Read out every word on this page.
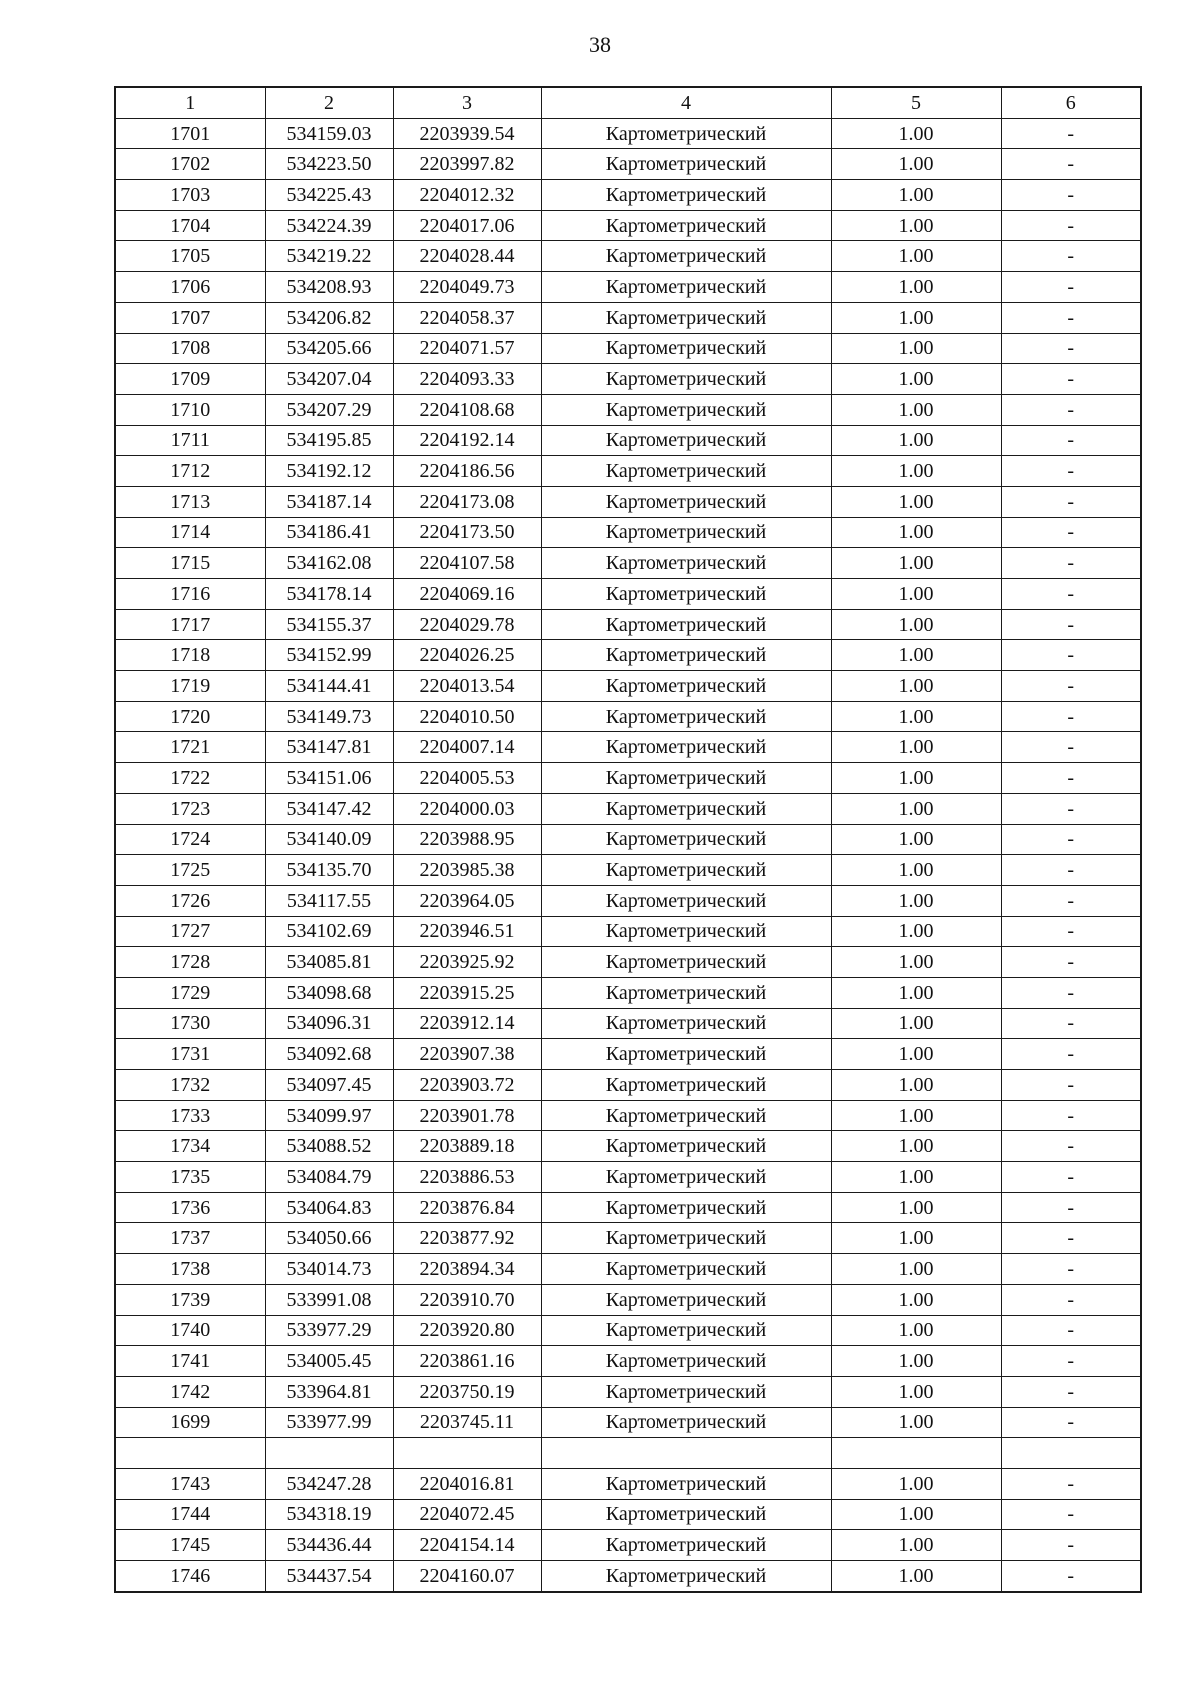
38
1	2	3	4	5	6
1701	534159.03	2203939.54	Картометрический	1.00	-
1702	534223.50	2203997.82	Картометрический	1.00	-
1703	534225.43	2204012.32	Картометрический	1.00	-
1704	534224.39	2204017.06	Картометрический	1.00	-
1705	534219.22	2204028.44	Картометрический	1.00	-
1706	534208.93	2204049.73	Картометрический	1.00	-
1707	534206.82	2204058.37	Картометрический	1.00	-
1708	534205.66	2204071.57	Картометрический	1.00	-
1709	534207.04	2204093.33	Картометрический	1.00	-
1710	534207.29	2204108.68	Картометрический	1.00	-
1711	534195.85	2204192.14	Картометрический	1.00	-
1712	534192.12	2204186.56	Картометрический	1.00	-
1713	534187.14	2204173.08	Картометрический	1.00	-
1714	534186.41	2204173.50	Картометрический	1.00	-
1715	534162.08	2204107.58	Картометрический	1.00	-
1716	534178.14	2204069.16	Картометрический	1.00	-
1717	534155.37	2204029.78	Картометрический	1.00	-
1718	534152.99	2204026.25	Картометрический	1.00	-
1719	534144.41	2204013.54	Картометрический	1.00	-
1720	534149.73	2204010.50	Картометрический	1.00	-
1721	534147.81	2204007.14	Картометрический	1.00	-
1722	534151.06	2204005.53	Картометрический	1.00	-
1723	534147.42	2204000.03	Картометрический	1.00	-
1724	534140.09	2203988.95	Картометрический	1.00	-
1725	534135.70	2203985.38	Картометрический	1.00	-
1726	534117.55	2203964.05	Картометрический	1.00	-
1727	534102.69	2203946.51	Картометрический	1.00	-
1728	534085.81	2203925.92	Картометрический	1.00	-
1729	534098.68	2203915.25	Картометрический	1.00	-
1730	534096.31	2203912.14	Картометрический	1.00	-
1731	534092.68	2203907.38	Картометрический	1.00	-
1732	534097.45	2203903.72	Картометрический	1.00	-
1733	534099.97	2203901.78	Картометрический	1.00	-
1734	534088.52	2203889.18	Картометрический	1.00	-
1735	534084.79	2203886.53	Картометрический	1.00	-
1736	534064.83	2203876.84	Картометрический	1.00	-
1737	534050.66	2203877.92	Картометрический	1.00	-
1738	534014.73	2203894.34	Картометрический	1.00	-
1739	533991.08	2203910.70	Картометрический	1.00	-
1740	533977.29	2203920.80	Картометрический	1.00	-
1741	534005.45	2203861.16	Картометрический	1.00	-
1742	533964.81	2203750.19	Картометрический	1.00	-
1699	533977.99	2203745.11	Картометрический	1.00	-

1743	534247.28	2204016.81	Картометрический	1.00	-
1744	534318.19	2204072.45	Картометрический	1.00	-
1745	534436.44	2204154.14	Картометрический	1.00	-
1746	534437.54	2204160.07	Картометрический	1.00	-
